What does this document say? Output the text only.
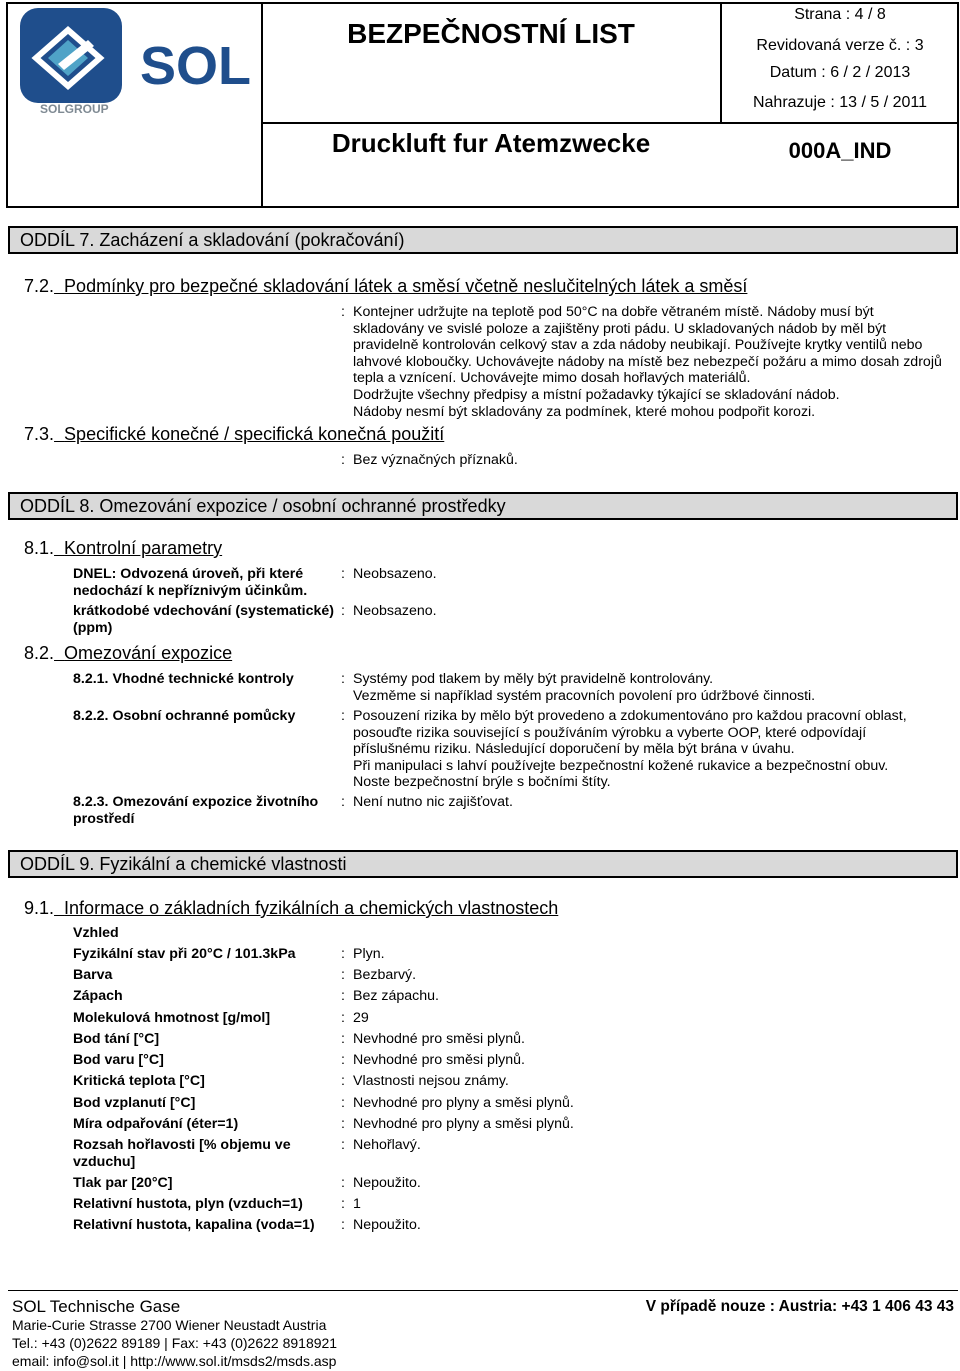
SOL
SOLGROUP
BEZPEČNOSTNÍ LIST
Druckluft fur Atemzwecke
Strana : 4 / 8
Revidovaná verze č. : 3
Datum : 6 / 2 / 2013
Nahrazuje : 13 / 5 / 2011
000A_IND
ODDÍL 7. Zacházení a skladování (pokračování)
7.2. Podmínky pro bezpečné skladování látek a směsí včetně neslučitelných látek a směsí
: Kontejner udržujte na teplotě pod 50°C na dobře větraném místě. Nádoby musí být
skladovány ve svislé poloze a zajištěny proti pádu. U skladovaných nádob by měl být
pravidelně kontrolován celkový stav a zda nádoby neubikají. Používejte krytky ventilů nebo
lahvové kloboučky. Uchovávejte nádoby na místě bez nebezpečí požáru a mimo dosah zdrojů
tepla a vznícení. Uchovávejte mimo dosah hořlavých materiálů.
Dodržujte všechny předpisy a místní požadavky týkající se skladování nádob.
Nádoby nesmí být skladovány za podmínek, které mohou podpořit korozi.
7.3. Specifické konečné / specifická konečná použití
: Bez význačných příznaků.
ODDÍL 8. Omezování expozice / osobní ochranné prostředky
8.1. Kontrolní parametry
DNEL: Odvozená úroveň, při které
nedochází k nepříznivým účinkům.
: Neobsazeno.
krátkodobé vdechování (systematické)
(ppm)
: Neobsazeno.
8.2. Omezování expozice
8.2.1. Vhodné technické kontroly	: Systémy pod tlakem by měly být pravidelně kontrolovány.
Vezměme si například systém pracovních povolení pro údržbové činnosti.
8.2.2. Osobní ochranné pomůcky	: Posouzení rizika by mělo být provedeno a zdokumentováno pro každou pracovní oblast,
posouďte rizika související s používáním výrobku a vyberte OOP, které odpovídají
příslušnému riziku. Následující doporučení by měla být brána v úvahu.
Při manipulaci s lahví používejte bezpečnostní kožené rukavice a bezpečnostní obuv.
Noste bezpečnostní brýle s bočními štíty.
8.2.3. Omezování expozice životního
prostředí
: Není nutno nic zajišťovat.
ODDÍL 9. Fyzikální a chemické vlastnosti
9.1. Informace o základních fyzikálních a chemických vlastnostech
Vzhled
Fyzikální stav při 20°C / 101.3kPa	: Plyn.
Barva	: Bezbarvý.
Zápach	: Bez zápachu.
Molekulová hmotnost [g/mol]	: 29
Bod tání [°C]	: Nevhodné pro směsi plynů.
Bod varu [°C]	: Nevhodné pro směsi plynů.
Kritická teplota [°C]	: Vlastnosti nejsou známy.
Bod vzplanutí [°C]	: Nevhodné pro plyny a směsi plynů.
Míra odpařování (éter=1)	: Nevhodné pro plyny a směsi plynů.
Rozsah hořlavosti [% objemu ve
vzduchu]
: Nehořlavý.
Tlak par [20°C]	: Nepoužito.
Relativní hustota, plyn (vzduch=1)	: 1
Relativní hustota, kapalina (voda=1) : Nepoužito.
SOL Technische Gase
Marie-Curie Strasse 2700 Wiener Neustadt Austria
Tel.: +43 (0)2622 89189 | Fax: +43 (0)2622 8918921
email: info@sol.it | http://www.sol.it/msds2/msds.asp
V případě nouze : Austria: +43 1 406 43 43
